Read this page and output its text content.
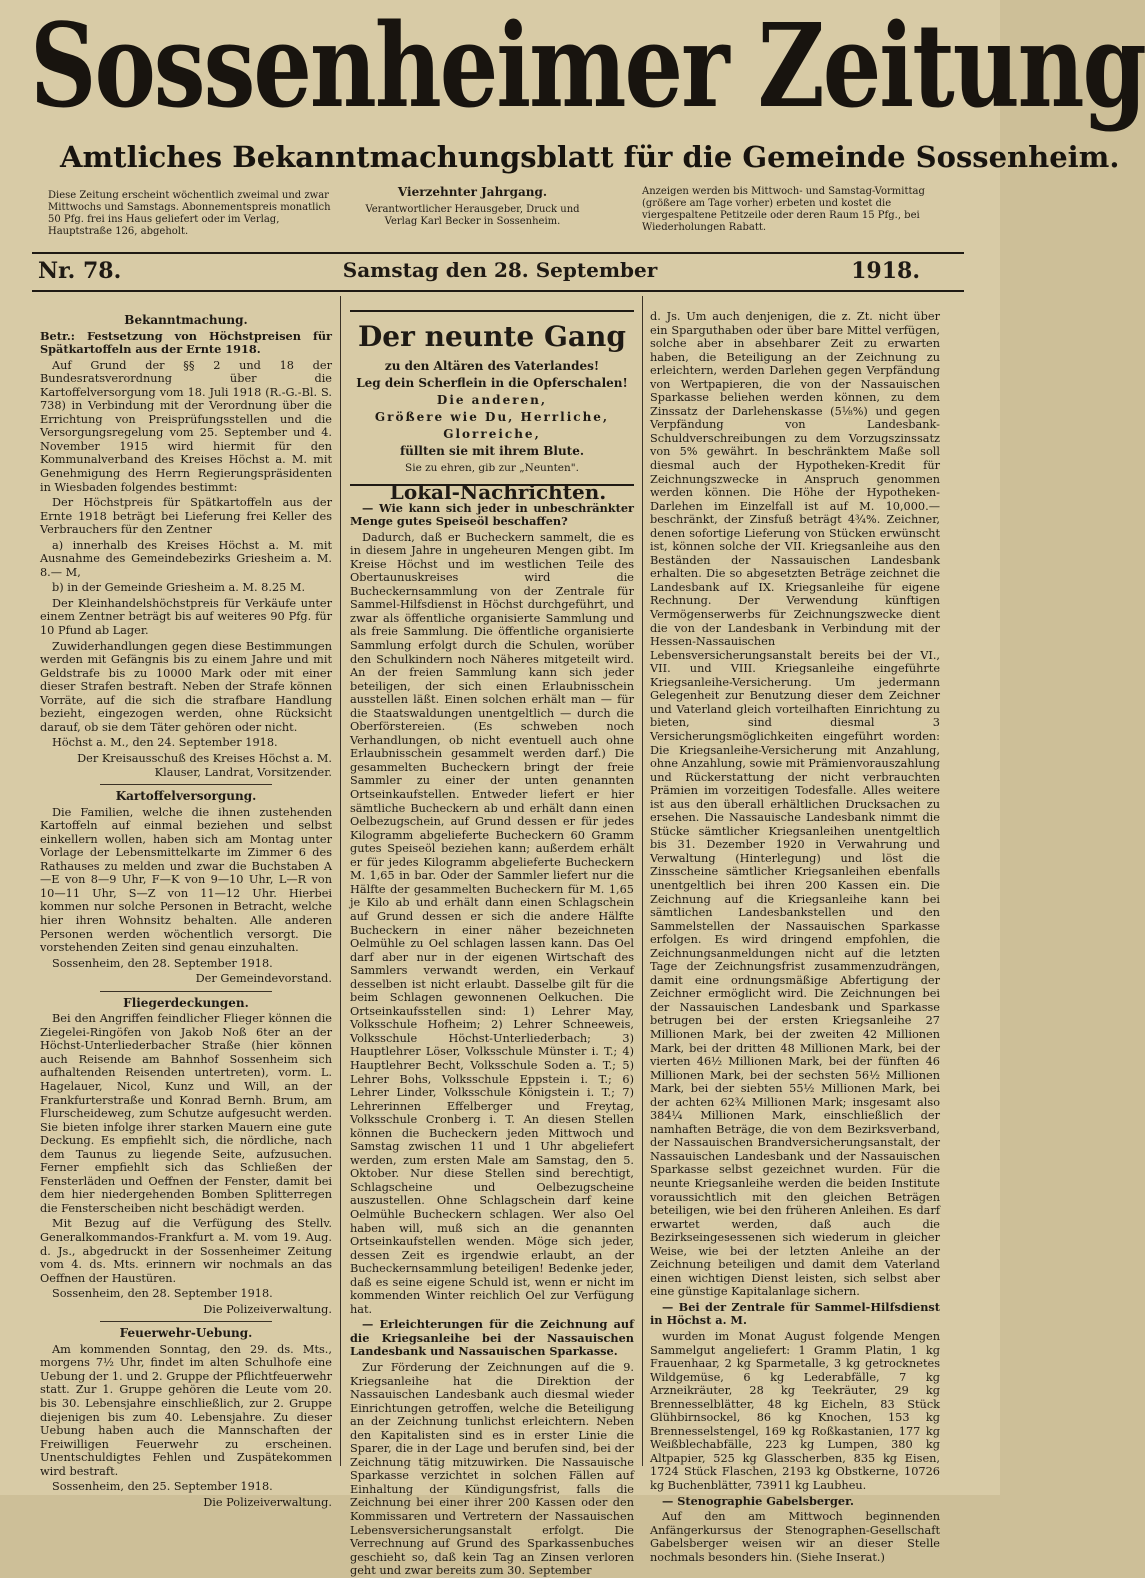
Sossenheimer Zeitung
Amtliches Bekanntmachungsblatt für die Gemeinde Sossenheim.
Diese Zeitung erscheint wöchentlich zweimal und zwar Mittwochs und Samstags. Abonnementspreis monatlich 50 Pfg. frei ins Haus geliefert oder im Verlag, Hauptstraße 126, abgeholt.
Vierzehnter Jahrgang.
Verantwortlicher Herausgeber, Druck und Verlag Karl Becker in Sossenheim.
Anzeigen werden bis Mittwoch- und Samstag-Vormittag (größere am Tage vorher) erbeten und kostet die viergespaltene Petitzeile oder deren Raum 15 Pfg., bei Wiederholungen Rabatt.
Nr. 78.	Samstag den 28. September	1918.

Bekanntmachung.

Betr.: Festsetzung von Höchstpreisen für Spätkartoffeln aus der Ernte 1918.

Auf Grund der §§ 2 und 18 der Bundesratsverordnung über die Kartoffelversorgung vom 18. Juli 1918 (R.-G.-Bl. S. 738) in Verbindung mit der Verordnung über die Errichtung von Preisprüfungsstellen und die Versorgungsregelung vom 25. September und 4. November 1915 wird hiermit für den Kommunalverband des Kreises Höchst a. M. mit Genehmigung des Herrn Regierungspräsidenten in Wiesbaden folgendes bestimmt:

Der Höchstpreis für Spätkartoffeln aus der Ernte 1918 beträgt bei Lieferung frei Keller des Verbrauchers für den Zentner

a) innerhalb des Kreises Höchst a. M. mit Ausnahme des Gemeindebezirks Griesheim a. M. 8.— M,

b) in der Gemeinde Griesheim a. M. 8.25 M.

Der Kleinhandelshöchstpreis für Verkäufe unter einem Zentner beträgt bis auf weiteres 90 Pfg. für 10 Pfund ab Lager.

Zuwiderhandlungen gegen diese Bestimmungen werden mit Gefängnis bis zu einem Jahre und mit Geldstrafe bis zu 10000 Mark oder mit einer dieser Strafen bestraft. Neben der Strafe können Vorräte, auf die sich die strafbare Handlung bezieht, eingezogen werden, ohne Rücksicht darauf, ob sie dem Täter gehören oder nicht.

Höchst a. M., den 24. September 1918.

Der Kreisausschuß des Kreises Höchst a. M. Klauser, Landrat, Vorsitzender.

Kartoffelversorgung.

Die Familien, welche die ihnen zustehenden Kartoffeln auf einmal beziehen und selbst einkellern wollen, haben sich am Montag unter Vorlage der Lebensmittelkarte im Zimmer 6 des Rathauses zu melden und zwar die Buchstaben A—E von 8—9 Uhr, F—K von 9—10 Uhr, L—R von 10—11 Uhr, S—Z von 11—12 Uhr. Hierbei kommen nur solche Personen in Betracht, welche hier ihren Wohnsitz behalten. Alle anderen Personen werden wöchentlich versorgt. Die vorstehenden Zeiten sind genau einzuhalten.

Sossenheim, den 28. September 1918.

Der Gemeindevorstand.

Fliegerdeckungen.

Bei den Angriffen feindlicher Flieger können die Ziegelei-Ringöfen von Jakob Noß 6ter an der Höchst-Unterliederbacher Straße (hier können auch Reisende am Bahnhof Sossenheim sich aufhaltenden Reisenden untertreten), vorm. L. Hagelauer, Nicol, Kunz und Will, an der Frankfurterstraße und Konrad Bernh. Brum, am Flurscheideweg, zum Schutze aufgesucht werden. Sie bieten infolge ihrer starken Mauern eine gute Deckung. Es empfiehlt sich, die nördliche, nach dem Taunus zu liegende Seite, aufzusuchen. Ferner empfiehlt sich das Schließen der Fensterläden und Oeffnen der Fenster, damit bei dem hier niedergehenden Bomben Splitterregen die Fensterscheiben nicht beschädigt werden.

Mit Bezug auf die Verfügung des Stellv. Generalkommandos-Frankfurt a. M. vom 19. Aug. d. Js., abgedruckt in der Sossenheimer Zeitung vom 4. ds. Mts. erinnern wir nochmals an das Oeffnen der Haustüren.

Sossenheim, den 28. September 1918.

Die Polizeiverwaltung.

Feuerwehr-Uebung.

Am kommenden Sonntag, den 29. ds. Mts., morgens 7½ Uhr, findet im alten Schulhofe eine Uebung der 1. und 2. Gruppe der Pflichtfeuerwehr statt. Zur 1. Gruppe gehören die Leute vom 20. bis 30. Lebensjahre einschließlich, zur 2. Gruppe diejenigen bis zum 40. Lebensjahre. Zu dieser Uebung haben auch die Mannschaften der Freiwilligen Feuerwehr zu erscheinen. Unentschuldigtes Fehlen und Zuspätekommen wird bestraft.

Sossenheim, den 25. September 1918.

Die Polizeiverwaltung.

Der neunte Gang
zu den Altären des Vaterlandes!
Leg dein Scherflein in die Opferschalen!
Die anderen,
Größere wie Du, Herrliche,
Glorreiche,
füllten sie mit ihrem Blute.
Sie zu ehren, gib zur „Neunten".

Lokal-Nachrichten.

— Wie kann sich jeder in unbeschränkter Menge gutes Speiseöl beschaffen?

Dadurch, daß er Bucheckern sammelt, die es in diesem Jahre in ungeheuren Mengen gibt. Im Kreise Höchst und im westlichen Teile des Obertaunuskreises wird die Bucheckernsammlung von der Zentrale für Sammel-Hilfsdienst in Höchst durchgeführt, und zwar als öffentliche organisierte Sammlung und als freie Sammlung. Die öffentliche organisierte Sammlung erfolgt durch die Schulen, worüber den Schulkindern noch Näheres mitgeteilt wird. An der freien Sammlung kann sich jeder beteiligen, der sich einen Erlaubnisschein ausstellen läßt. Einen solchen erhält man — für die Staatswaldungen unentgeltlich — durch die Oberförstereien. (Es schweben noch Verhandlungen, ob nicht eventuell auch ohne Erlaubnisschein gesammelt werden darf.) Die gesammelten Bucheckern bringt der freie Sammler zu einer der unten genannten Ortseinkaufstellen. Entweder liefert er hier sämtliche Bucheckern ab und erhält dann einen Oelbezugschein, auf Grund dessen er für jedes Kilogramm abgelieferte Bucheckern 60 Gramm gutes Speiseöl beziehen kann; außerdem erhält er für jedes Kilogramm abgelieferte Bucheckern M. 1,65 in bar. Oder der Sammler liefert nur die Hälfte der gesammelten Bucheckern für M. 1,65 je Kilo ab und erhält dann einen Schlagschein auf Grund dessen er sich die andere Hälfte Bucheckern in einer näher bezeichneten Oelmühle zu Oel schlagen lassen kann. Das Oel darf aber nur in der eigenen Wirtschaft des Sammlers verwandt werden, ein Verkauf desselben ist nicht erlaubt. Dasselbe gilt für die beim Schlagen gewonnenen Oelkuchen. Die Ortseinkaufsstellen sind: 1) Lehrer May, Volksschule Hofheim; 2) Lehrer Schneeweis, Volksschule Höchst-Unterliederbach; 3) Hauptlehrer Löser, Volksschule Münster i. T.; 4) Hauptlehrer Becht, Volksschule Soden a. T.; 5) Lehrer Bohs, Volksschule Eppstein i. T.; 6) Lehrer Linder, Volksschule Königstein i. T.; 7) Lehrerinnen Effelberger und Freytag, Volksschule Cronberg i. T. An diesen Stellen können die Bucheckern jeden Mittwoch und Samstag zwischen 11 und 1 Uhr abgeliefert werden, zum ersten Male am Samstag, den 5. Oktober. Nur diese Stellen sind berechtigt, Schlagscheine und Oelbezugscheine auszustellen. Ohne Schlagschein darf keine Oelmühle Bucheckern schlagen. Wer also Oel haben will, muß sich an die genannten Ortseinkaufstellen wenden. Möge sich jeder, dessen Zeit es irgendwie erlaubt, an der Bucheckernsammlung beteiligen! Bedenke jeder, daß es seine eigene Schuld ist, wenn er nicht im kommenden Winter reichlich Oel zur Verfügung hat.

— Erleichterungen für die Zeichnung auf die Kriegsanleihe bei der Nassauischen Landesbank und Nassauischen Sparkasse.

Zur Förderung der Zeichnungen auf die 9. Kriegsanleihe hat die Direktion der Nassauischen Landesbank auch diesmal wieder Einrichtungen getroffen, welche die Beteiligung an der Zeichnung tunlichst erleichtern. Neben den Kapitalisten sind es in erster Linie die Sparer, die in der Lage und berufen sind, bei der Zeichnung tätig mitzuwirken. Die Nassauische Sparkasse verzichtet in solchen Fällen auf Einhaltung der Kündigungsfrist, falls die Zeichnung bei einer ihrer 200 Kassen oder den Kommissaren und Vertretern der Nassauischen Lebensversicherungsanstalt erfolgt. Die Verrechnung auf Grund des Sparkassenbuches geschieht so, daß kein Tag an Zinsen verloren geht und zwar bereits zum 30. September

d. Js. Um auch denjenigen, die z. Zt. nicht über ein Sparguthaben oder über bare Mittel verfügen, solche aber in absehbarer Zeit zu erwarten haben, die Beteiligung an der Zeichnung zu erleichtern, werden Darlehen gegen Verpfändung von Wertpapieren, die von der Nassauischen Sparkasse beliehen werden können, zu dem Zinssatz der Darlehenskasse (5⅛%) und gegen Verpfändung von Landesbank-Schuldverschreibungen zu dem Vorzugszinssatz von 5% gewährt. In beschränktem Maße soll diesmal auch der Hypotheken-Kredit für Zeichnungszwecke in Anspruch genommen werden können. Die Höhe der Hypotheken-Darlehen im Einzelfall ist auf M. 10,000.— beschränkt, der Zinsfuß beträgt 4¾%. Zeichner, denen sofortige Lieferung von Stücken erwünscht ist, können solche der VII. Kriegsanleihe aus den Beständen der Nassauischen Landesbank erhalten. Die so abgesetzten Beträge zeichnet die Landesbank auf IX. Kriegsanleihe für eigene Rechnung. Der Verwendung künftigen Vermögenserwerbs für Zeichnungszwecke dient die von der Landesbank in Verbindung mit der Hessen-Nassauischen Lebensversicherungsanstalt bereits bei der VI., VII. und VIII. Kriegsanleihe eingeführte Kriegsanleihe-Versicherung. Um jedermann Gelegenheit zur Benutzung dieser dem Zeichner und Vaterland gleich vorteilhaften Einrichtung zu bieten, sind diesmal 3 Versicherungsmöglichkeiten eingeführt worden: Die Kriegsanleihe-Versicherung mit Anzahlung, ohne Anzahlung, sowie mit Prämienvorauszahlung und Rückerstattung der nicht verbrauchten Prämien im vorzeitigen Todesfalle. Alles weitere ist aus den überall erhältlichen Drucksachen zu ersehen. Die Nassauische Landesbank nimmt die Stücke sämtlicher Kriegsanleihen unentgeltlich bis 31. Dezember 1920 in Verwahrung und Verwaltung (Hinterlegung) und löst die Zinsscheine sämtlicher Kriegsanleihen ebenfalls unentgeltlich bei ihren 200 Kassen ein. Die Zeichnung auf die Kriegsanleihe kann bei sämtlichen Landesbankstellen und den Sammelstellen der Nassauischen Sparkasse erfolgen. Es wird dringend empfohlen, die Zeichnungsanmeldungen nicht auf die letzten Tage der Zeichnungsfrist zusammenzudrängen, damit eine ordnungsmäßige Abfertigung der Zeichner ermöglicht wird. Die Zeichnungen bei der Nassauischen Landesbank und Sparkasse betrugen bei der ersten Kriegsanleihe 27 Millionen Mark, bei der zweiten 42 Millionen Mark, bei der dritten 48 Millionen Mark, bei der vierten 46½ Millionen Mark, bei der fünften 46 Millionen Mark, bei der sechsten 56½ Millionen Mark, bei der siebten 55½ Millionen Mark, bei der achten 62¾ Millionen Mark; insgesamt also 384¼ Millionen Mark, einschließlich der namhaften Beträge, die von dem Bezirksverband, der Nassauischen Brandversicherungsanstalt, der Nassauischen Landesbank und der Nassauischen Sparkasse selbst gezeichnet wurden. Für die neunte Kriegsanleihe werden die beiden Institute voraussichtlich mit den gleichen Beträgen beteiligen, wie bei den früheren Anleihen. Es darf erwartet werden, daß auch die Bezirkseingesessenen sich wiederum in gleicher Weise, wie bei der letzten Anleihe an der Zeichnung beteiligen und damit dem Vaterland einen wichtigen Dienst leisten, sich selbst aber eine günstige Kapitalanlage sichern.

— Bei der Zentrale für Sammel-Hilfsdienst in Höchst a. M.

wurden im Monat August folgende Mengen Sammelgut angeliefert: 1 Gramm Platin, 1 kg Frauenhaar, 2 kg Sparmetalle, 3 kg getrocknetes Wildgemüse, 6 kg Lederabfälle, 7 kg Arzneikräuter, 28 kg Teekräuter, 29 kg Brennesselblätter, 48 kg Eicheln, 83 Stück Glühbirnsockel, 86 kg Knochen, 153 kg Brennesselstengel, 169 kg Roßkastanien, 177 kg Weißblechabfälle, 223 kg Lumpen, 380 kg Altpapier, 525 kg Glasscherben, 835 kg Eisen, 1724 Stück Flaschen, 2193 kg Obstkerne, 10726 kg Buchenblätter, 73911 kg Laubheu.

— Stenographie Gabelsberger.

Auf den am Mittwoch beginnenden Anfängerkursus der Stenographen-Gesellschaft Gabelsberger weisen wir an dieser Stelle nochmals besonders hin. (Siehe Inserat.)
